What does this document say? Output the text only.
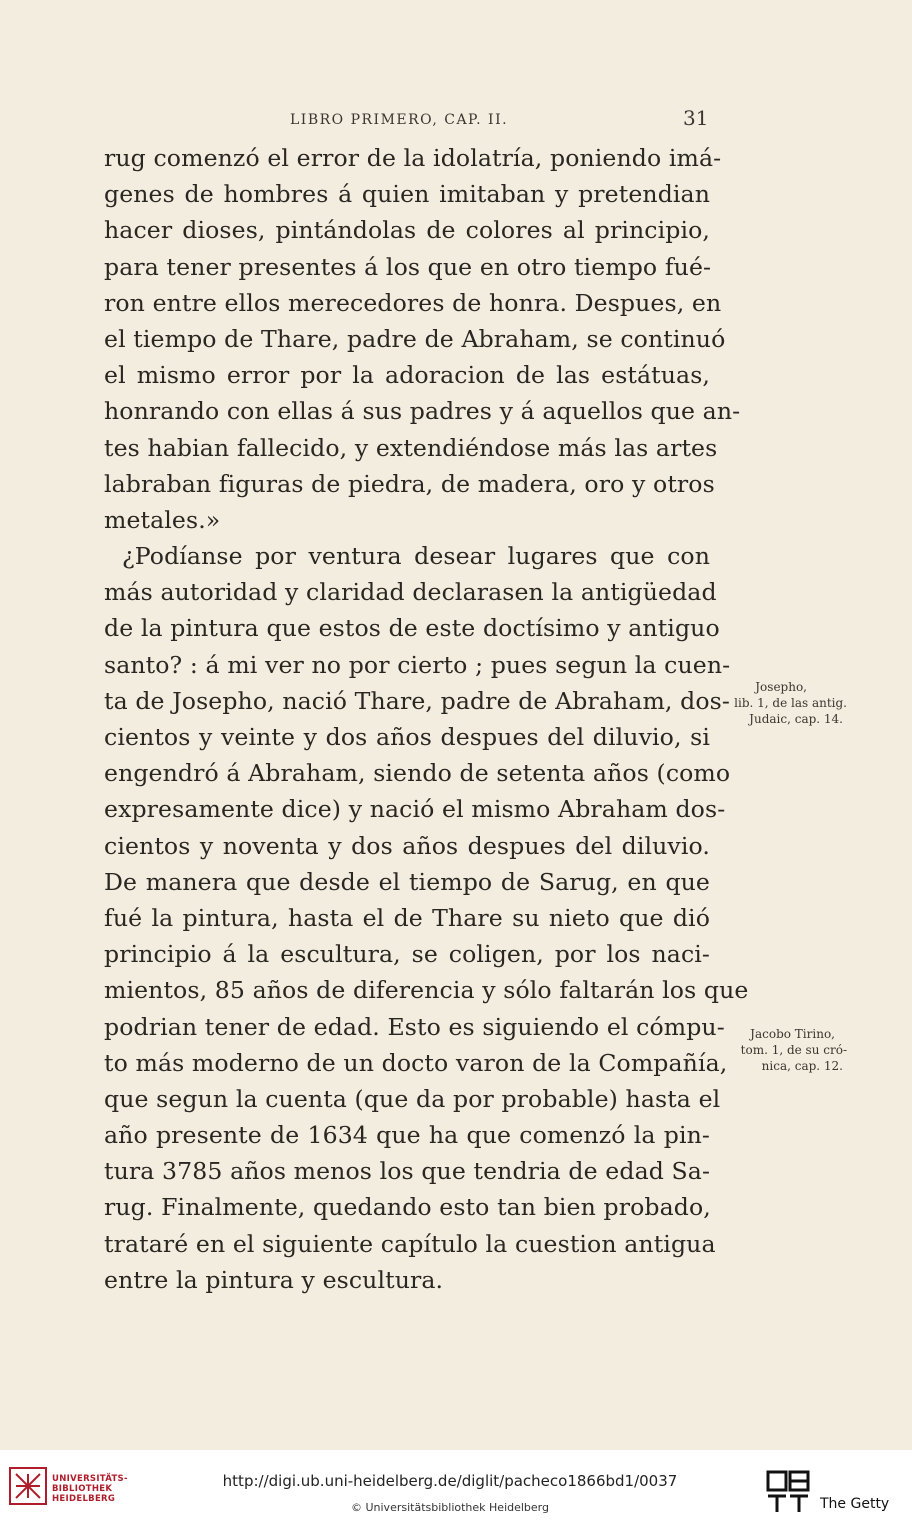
LIBRO PRIMERO, CAP. II.	31
rug comenzó el error de la idolatría, poniendo imá-
genes de hombres á quien imitaban y pretendian
hacer dioses, pintándolas de colores al principio,
para tener presentes á los que en otro tiempo fué-
ron entre ellos merecedores de honra. Despues, en
el tiempo de Thare, padre de Abraham, se continuó
el mismo error por la adoracion de las estátuas,
honrando con ellas á sus padres y á aquellos que an-
tes habian fallecido, y extendiéndose más las artes
labraban figuras de piedra, de madera, oro y otros
metales.»
¿Podíanse por ventura desear lugares que con
más autoridad y claridad declarasen la antigüedad
de la pintura que estos de este doctísimo y antiguo
santo? : á mi ver no por cierto ; pues segun la cuen-
ta de Josepho, nació Thare, padre de Abraham, dos-
cientos y veinte y dos años despues del diluvio, si
engendró á Abraham, siendo de setenta años (como
expresamente dice) y nació el mismo Abraham dos-
cientos y noventa y dos años despues del diluvio.
De manera que desde el tiempo de Sarug, en que
fué la pintura, hasta el de Thare su nieto que dió
principio á la escultura, se coligen, por los naci-
mientos, 85 años de diferencia y sólo faltarán los que
podrian tener de edad. Esto es siguiendo el cómpu-
to más moderno de un docto varon de la Compañía,
que segun la cuenta (que da por probable) hasta el
año presente de 1634 que ha que comenzó la pin-
tura 3785 años menos los que tendria de edad Sa-
rug. Finalmente, quedando esto tan bien probado,
trataré en el siguiente capítulo la cuestion antigua
entre la pintura y escultura.
Josepho,
lib. 1, de las antig.
Judaic, cap. 14.
Jacobo Tirino,
tom. 1, de su cró-
nica, cap. 12.
UNIVERSITÄTS-
BIBLIOTHEK
HEIDELBERG
http://digi.ub.uni-heidelberg.de/diglit/pacheco1866bd1/0037
© Universitätsbibliothek Heidelberg	The Getty
